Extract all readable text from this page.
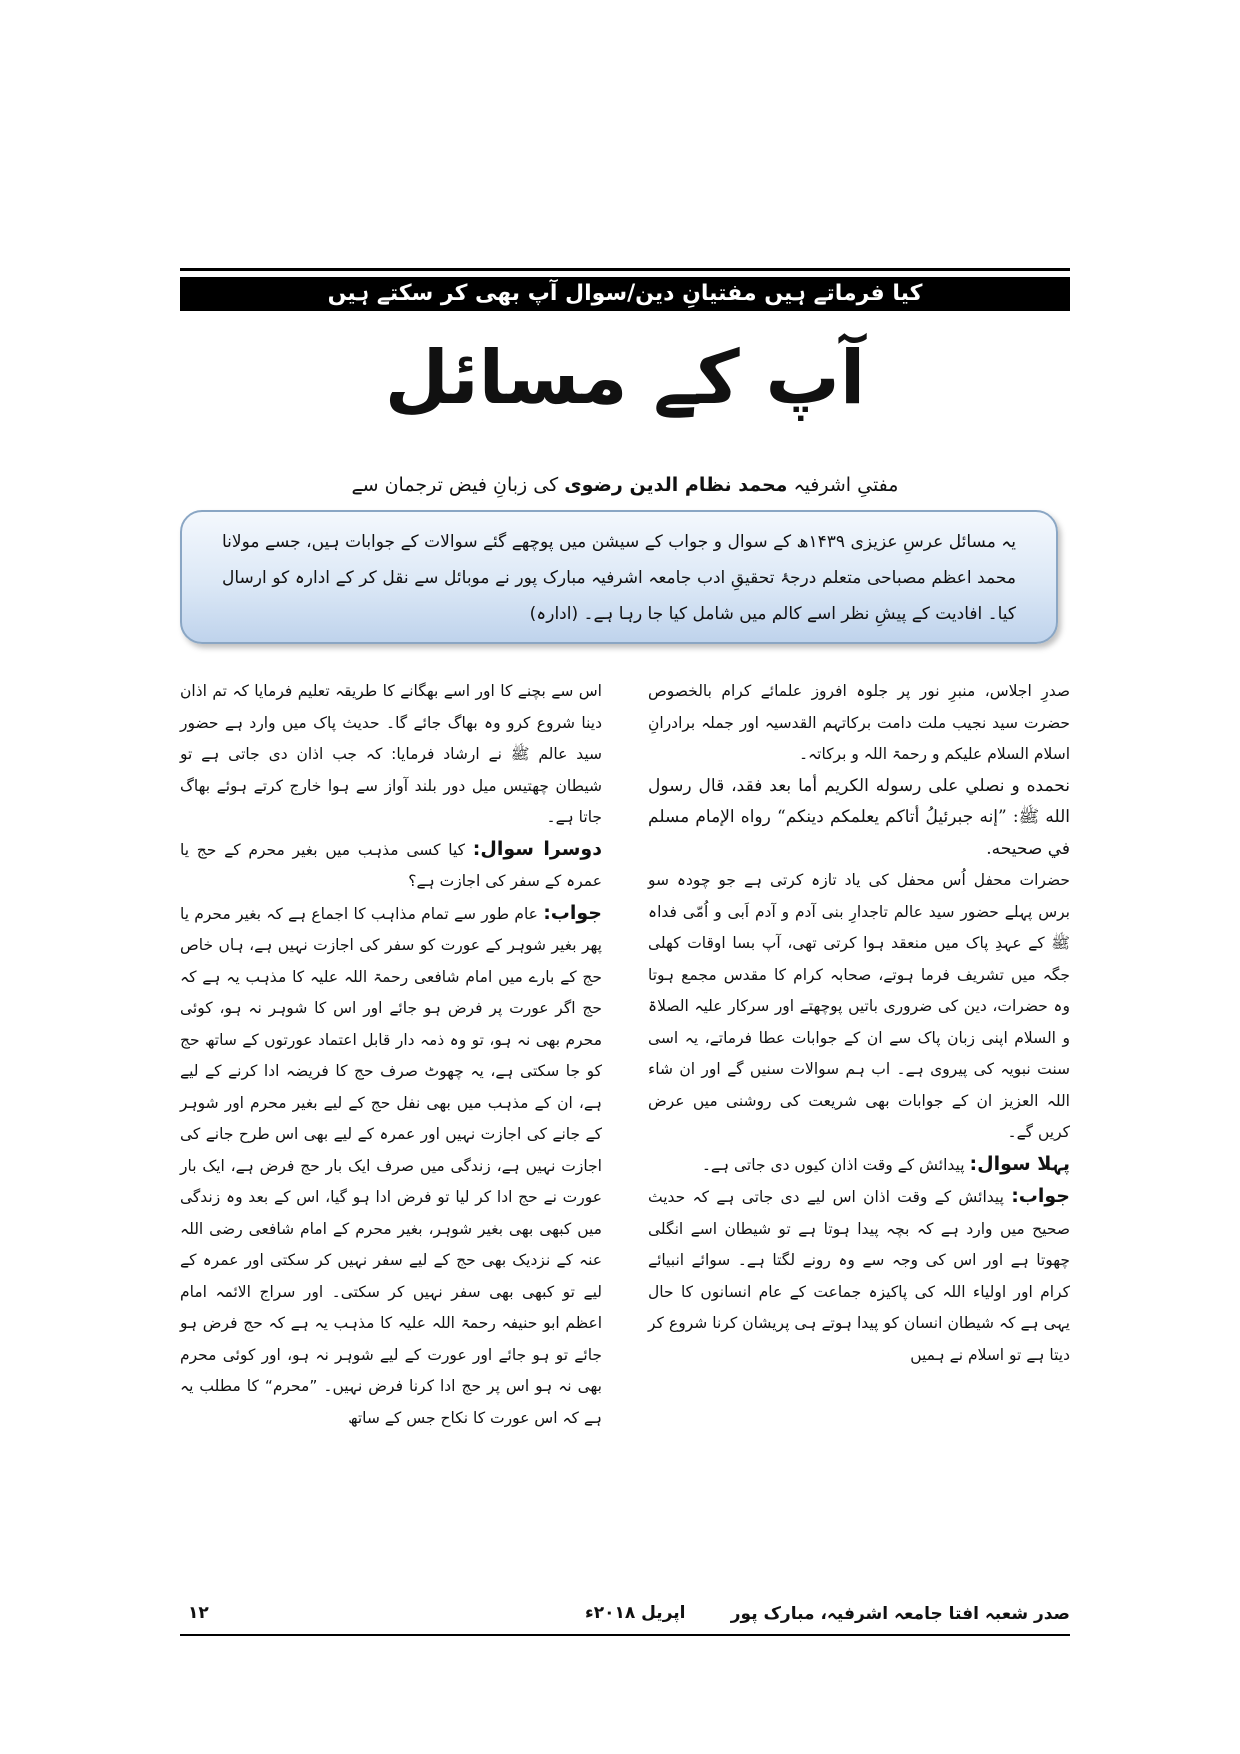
کیا فرماتے ہیں مفتیانِ دین/سوال آپ بھی کر سکتے ہیں
آپ کے مسائل
مفتیِ اشرفیہ محمد نظام الدین رضوی کی زبانِ فیض ترجمان سے
یہ مسائل عرسِ عزیزی ۱۴۳۹ھ کے سوال و جواب کے سیشن میں پوچھے گئے سوالات کے جوابات ہیں، جسے مولانا محمد اعظم مصباحی متعلم درجۂ تحقیقِ ادب جامعہ اشرفیہ مبارک پور نے موبائل سے نقل کر کے ادارہ کو ارسال کیا۔ افادیت کے پیشِ نظر اسے کالم میں شامل کیا جا رہا ہے۔ (ادارہ)

صدرِ اجلاس، منبرِ نور پر جلوہ افروز علمائے کرام بالخصوص حضرت سید نجیب ملت دامت برکاتہم القدسیہ اور جملہ برادرانِ اسلام السلام علیکم و رحمۃ اللہ و برکاتہ۔

نحمده و نصلي على رسوله الكريم أما بعد فقد، قال رسول الله ﷺ: ”إنه جبرئيلُ أتاكم يعلمكم دينكم“ رواه الإمام مسلم في صحيحه.

حضرات محفل اُس محفل کی یاد تازہ کرتی ہے جو چودہ سو برس پہلے حضور سید عالم تاجدارِ بنی آدم و آدم اَبی و اُمّی فداہ ﷺ کے عہدِ پاک میں منعقد ہوا کرتی تھی، آپ بسا اوقات کھلی جگہ میں تشریف فرما ہوتے، صحابہ کرام کا مقدس مجمع ہوتا وہ حضرات، دین کی ضروری باتیں پوچھتے اور سرکار علیہ الصلاۃ و السلام اپنی زبان پاک سے ان کے جوابات عطا فرماتے، یہ اسی سنت نبویہ کی پیروی ہے۔ اب ہم سوالات سنیں گے اور ان شاء اللہ العزیز ان کے جوابات بھی شریعت کی روشنی میں عرض کریں گے۔

پہلا سوال: پیدائش کے وقت اذان کیوں دی جاتی ہے۔

جواب: پیدائش کے وقت اذان اس لیے دی جاتی ہے کہ حدیث صحیح میں وارد ہے کہ بچہ پیدا ہوتا ہے تو شیطان اسے انگلی چھوتا ہے اور اس کی وجہ سے وہ رونے لگتا ہے۔ سوائے انبیائے کرام اور اولیاء اللہ کی پاکیزہ جماعت کے عام انسانوں کا حال یہی ہے کہ شیطان انسان کو پیدا ہوتے ہی پریشان کرنا شروع کر دیتا ہے تو اسلام نے ہمیں

اس سے بچنے کا اور اسے بھگانے کا طریقہ تعلیم فرمایا کہ تم اذان دینا شروع کرو وہ بھاگ جائے گا۔ حدیث پاک میں وارد ہے حضور سید عالم ﷺ نے ارشاد فرمایا: کہ جب اذان دی جاتی ہے تو شیطان چھتیس میل دور بلند آواز سے ہوا خارج کرتے ہوئے بھاگ جاتا ہے۔

دوسرا سوال: کیا کسی مذہب میں بغیر محرم کے حج یا عمرہ کے سفر کی اجازت ہے؟

جواب: عام طور سے تمام مذاہب کا اجماع ہے کہ بغیر محرم یا پھر بغیر شوہر کے عورت کو سفر کی اجازت نہیں ہے، ہاں خاص حج کے بارے میں امام شافعی رحمۃ اللہ علیہ کا مذہب یہ ہے کہ حج اگر عورت پر فرض ہو جائے اور اس کا شوہر نہ ہو، کوئی محرم بھی نہ ہو، تو وہ ذمہ دار قابل اعتماد عورتوں کے ساتھ حج کو جا سکتی ہے، یہ چھوٹ صرف حج کا فریضہ ادا کرنے کے لیے ہے، ان کے مذہب میں بھی نفل حج کے لیے بغیر محرم اور شوہر کے جانے کی اجازت نہیں اور عمرہ کے لیے بھی اس طرح جانے کی اجازت نہیں ہے، زندگی میں صرف ایک بار حج فرض ہے، ایک بار عورت نے حج ادا کر لیا تو فرض ادا ہو گیا، اس کے بعد وہ زندگی میں کبھی بھی بغیر شوہر، بغیر محرم کے امام شافعی رضی اللہ عنہ کے نزدیک بھی حج کے لیے سفر نہیں کر سکتی اور عمرہ کے لیے تو کبھی بھی سفر نہیں کر سکتی۔ اور سراج الائمہ امام اعظم ابو حنیفہ رحمۃ اللہ علیہ کا مذہب یہ ہے کہ حج فرض ہو جائے تو ہو جائے اور عورت کے لیے شوہر نہ ہو، اور کوئی محرم بھی نہ ہو اس پر حج ادا کرنا فرض نہیں۔ ”محرم“ کا مطلب یہ ہے کہ اس عورت کا نکاح جس کے ساتھ

صدر شعبہ افتا جامعہ اشرفیہ، مبارک پور
اپریل ۲۰۱۸ء
۱۲
